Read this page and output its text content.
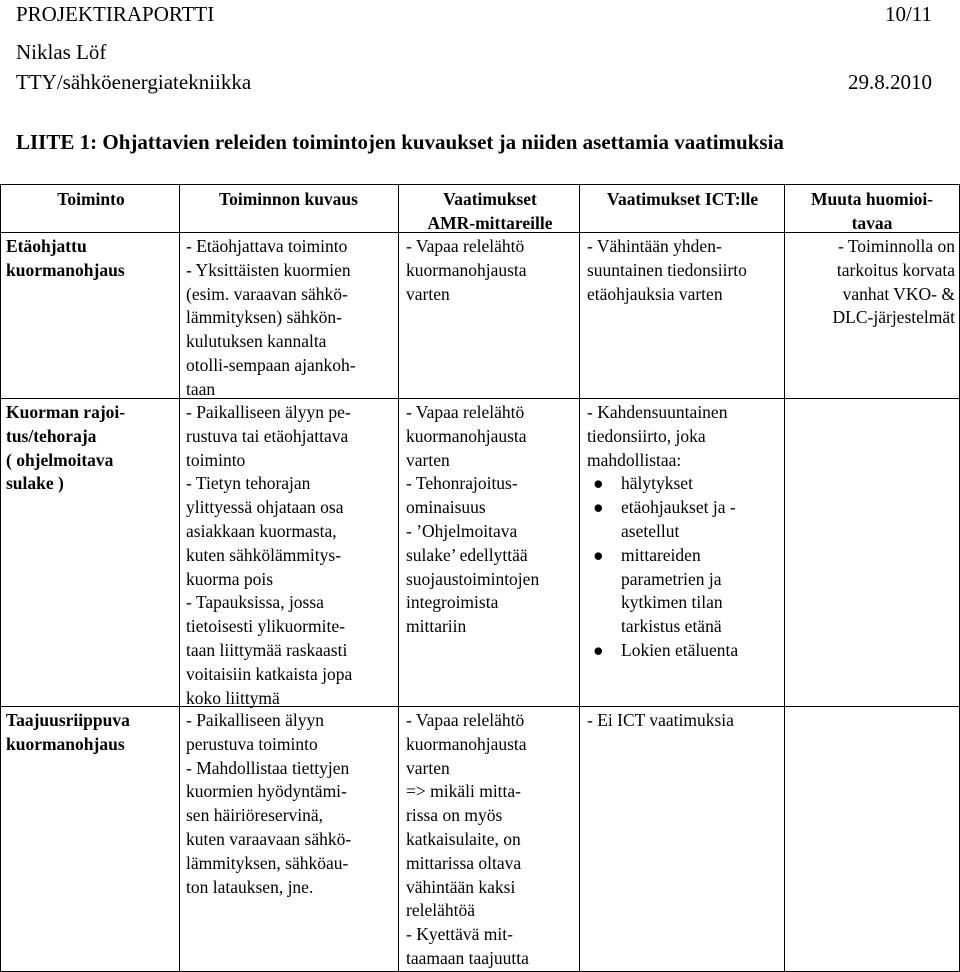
PROJEKTIRAPORTTI	10/11
Niklas Löf
TTY/sähköenergiatekniikka	29.8.2010
LIITE 1: Ohjattavien releiden toimintojen kuvaukset ja niiden asettamia vaatimuksia
Toiminto
Etäohjattu
kuormanohjaus
Kuorman rajoi-
tus/tehoraja
( ohjelmoitava
sulake )
Taajuusriippuva
kuormanohjaus
Toiminnon kuvaus
- Etäohjattava toiminto
- Yksittäisten kuormien
(esim. varaavan sähkö-
lämmityksen) sähkön-
kulutuksen kannalta
otolli-sempaan ajankoh-
taan
- Paikalliseen älyyn pe-
rustuva tai etäohjattava
toiminto
- Tietyn tehorajan
ylittyessä ohjataan osa
asiakkaan kuormasta,
kuten sähkölämmitys-
kuorma pois
- Tapauksissa, jossa
tietoisesti ylikuormite-
taan liittymää raskaasti
voitaisiin katkaista jopa
koko liittymä
- Paikalliseen älyyn
perustuva toiminto
- Mahdollistaa tiettyjen
kuormien hyödyntämi-
sen häiriöreservinä,
kuten varaavaan sähkö-
lämmityksen, sähköau-
ton latauksen, jne.
Vaatimukset
AMR-mittareille
- Vapaa relelähtö
kuormanohjausta
varten
- Vapaa relelähtö
kuormanohjausta
varten
- Tehonrajoitus-
ominaisuus
- ’Ohjelmoitava
sulake’ edellyttää
suojaustoimintojen
integroimista
mittariin
- Vapaa relelähtö
kuormanohjausta
varten
=> mikäli mitta-
rissa on myös
katkaisulaite, on
mittarissa oltava
vähintään kaksi
relelähtöä
- Kyettävä mit-
taamaan taajuutta
Vaatimukset ICT:lle
- Vähintään yhden-
suuntainen tiedonsiirto
etäohjauksia varten
- Kahdensuuntainen
tiedonsiirto, joka
mahdollistaa:
● hälytykset
● etäohjaukset ja -
asetellut
● mittareiden
parametrien ja
kytkimen tilan
tarkistus etänä
● Lokien etäluenta
- Ei ICT vaatimuksia
Muuta huomioi-
tavaa
- Toiminnolla on
tarkoitus korvata
vanhat VKO- &
DLC-järjestelmät
